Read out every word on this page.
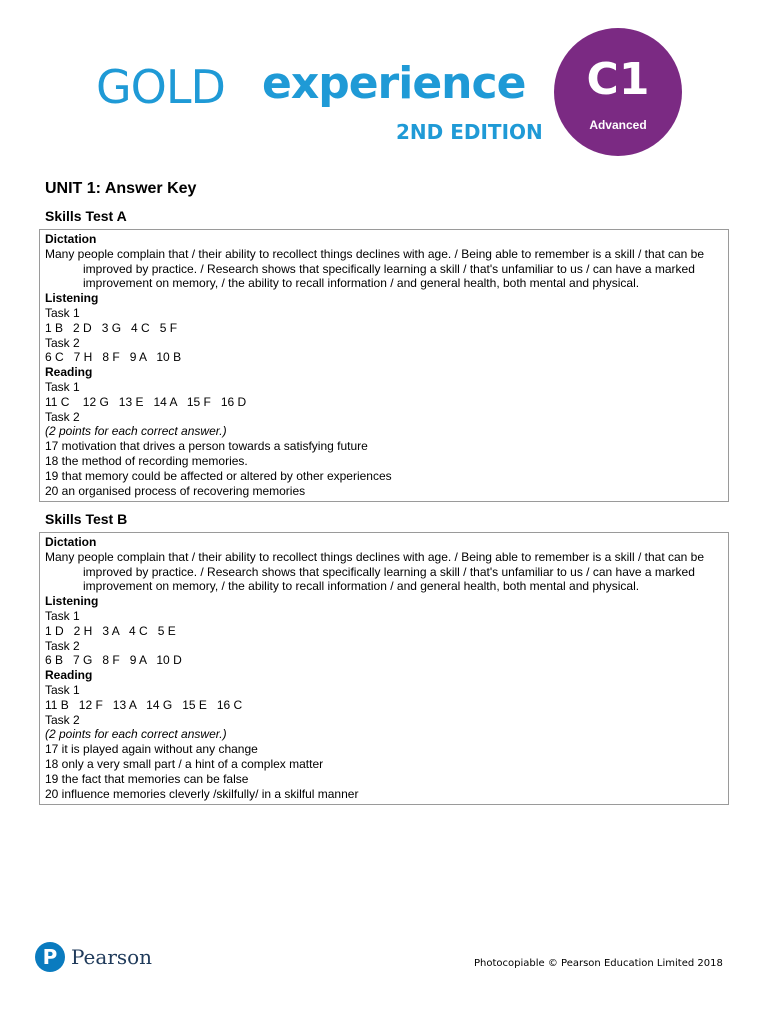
GOLD experience
2ND EDITION
C1
Advanced
UNIT 1: Answer Key
Skills Test A
Dictation
Many people complain that / their ability to recollect things declines with age. / Being able to remember is a skill / that can be improved by practice. / Research shows that specifically learning a skill / that's unfamiliar to us / can have a marked improvement on memory, / the ability to recall information / and general health, both mental and physical.
Listening
Task 1
1 B   2 D   3 G   4 C   5 F
Task 2
6 C   7 H   8 F   9 A   10 B
Reading
Task 1
11 C    12 G   13 E   14 A   15 F   16 D
Task 2
(2 points for each correct answer.)
17 motivation that drives a person towards a satisfying future
18 the method of recording memories.
19 that memory could be affected or altered by other experiences
20 an organised process of recovering memories
Skills Test B
Dictation
Many people complain that / their ability to recollect things declines with age. / Being able to remember is a skill / that can be improved by practice. / Research shows that specifically learning a skill / that's unfamiliar to us / can have a marked improvement on memory, / the ability to recall information / and general health, both mental and physical.
Listening
Task 1
1 D   2 H   3 A   4 C   5 E
Task 2
6 B   7 G   8 F   9 A   10 D
Reading
Task 1
11 B   12 F   13 A   14 G   15 E   16 C
Task 2
(2 points for each correct answer.)
17 it is played again without any change
18 only a very small part / a hint of a complex matter
19 the fact that memories can be false
20 influence memories cleverly /skilfully/ in a skilful manner
P Pearson	Photocopiable © Pearson Education Limited 2018
